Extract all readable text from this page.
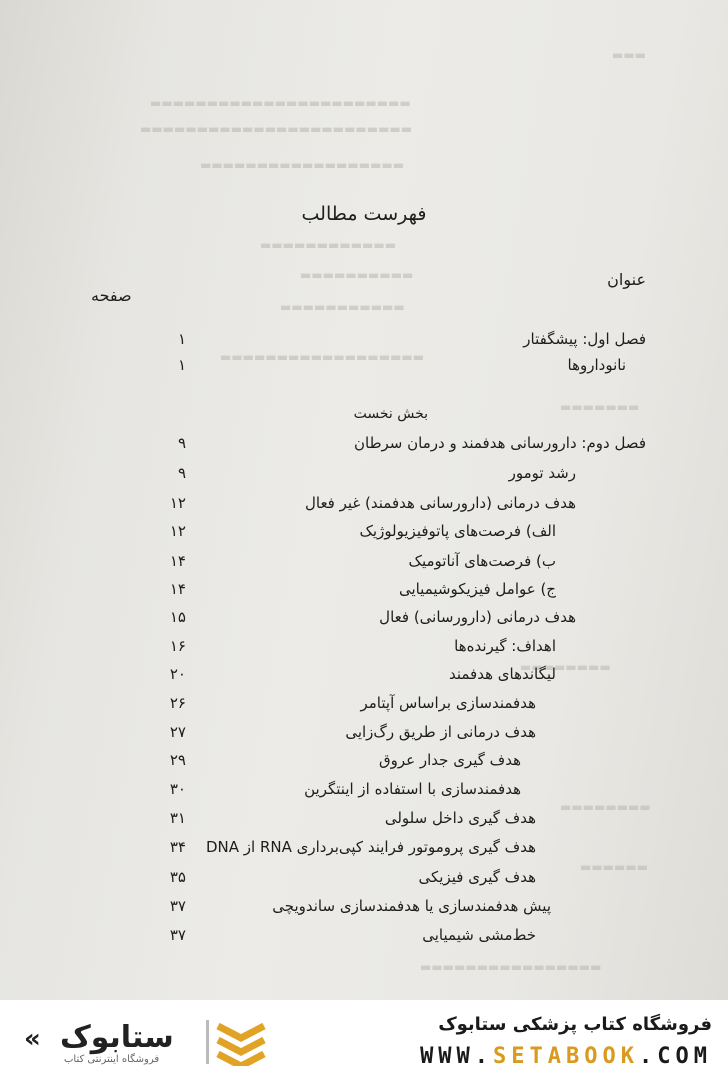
▬▬▬
▬▬▬▬▬▬▬▬▬▬▬▬▬▬▬▬▬▬▬▬▬▬▬
▬▬▬▬▬▬▬▬▬▬▬▬▬▬▬▬▬▬▬▬▬▬▬▬
▬▬▬▬▬▬▬▬▬▬▬▬▬▬▬▬▬▬
▬▬▬▬▬▬▬▬▬▬▬▬
▬▬▬▬▬▬▬▬▬▬
▬▬▬▬▬▬▬▬▬▬▬
▬▬▬▬▬▬▬▬▬▬▬▬▬▬▬▬▬▬
▬▬▬▬▬▬▬
▬▬▬▬▬▬▬▬
▬▬▬▬▬▬▬▬
▬▬▬▬▬▬
▬▬▬▬▬▬▬▬▬▬▬▬▬▬▬▬
فهرست مطالب
عنوان
صفحه
بخش نخست
فصل اول: پیشگفتار
۱
نانوداروها
۱
فصل دوم: دارورسانی هدفمند و درمان سرطان
۹
رشد تومور
۹
هدف درمانی (دارورسانی هدفمند) غیر فعال
۱۲
الف) فرصت‌های پاتوفیزیولوژیک
۱۲
ب) فرصت‌های آناتومیک
۱۴
ج) عوامل فیزیکوشیمیایی
۱۴
هدف درمانی (دارورسانی) فعال
۱۵
اهداف: گیرنده‌ها
۱۶
لیگاندهای هدفمند
۲۰
هدفمندسازی براساس آپتامر
۲۶
هدف درمانی از طریق رگ‌زایی
۲۷
هدف گیری جدار عروق
۲۹
هدفمندسازی با استفاده از اینتگرین
۳۰
هدف گیری داخل سلولی
۳۱
هدف گیری پروموتور فرایند کپی‌برداری RNA از DNA
۳۴
هدف گیری فیزیکی
۳۵
پیش هدفمندسازی یا هدفمندسازی ساندویچی
۳۷
خط‌مشی شیمیایی
۳۷
« ستابوک
فروشگاه اینترنتی کتاب
فروشگاه کتاب پزشکی ستابوک
WWW.SETABOOK.COM
